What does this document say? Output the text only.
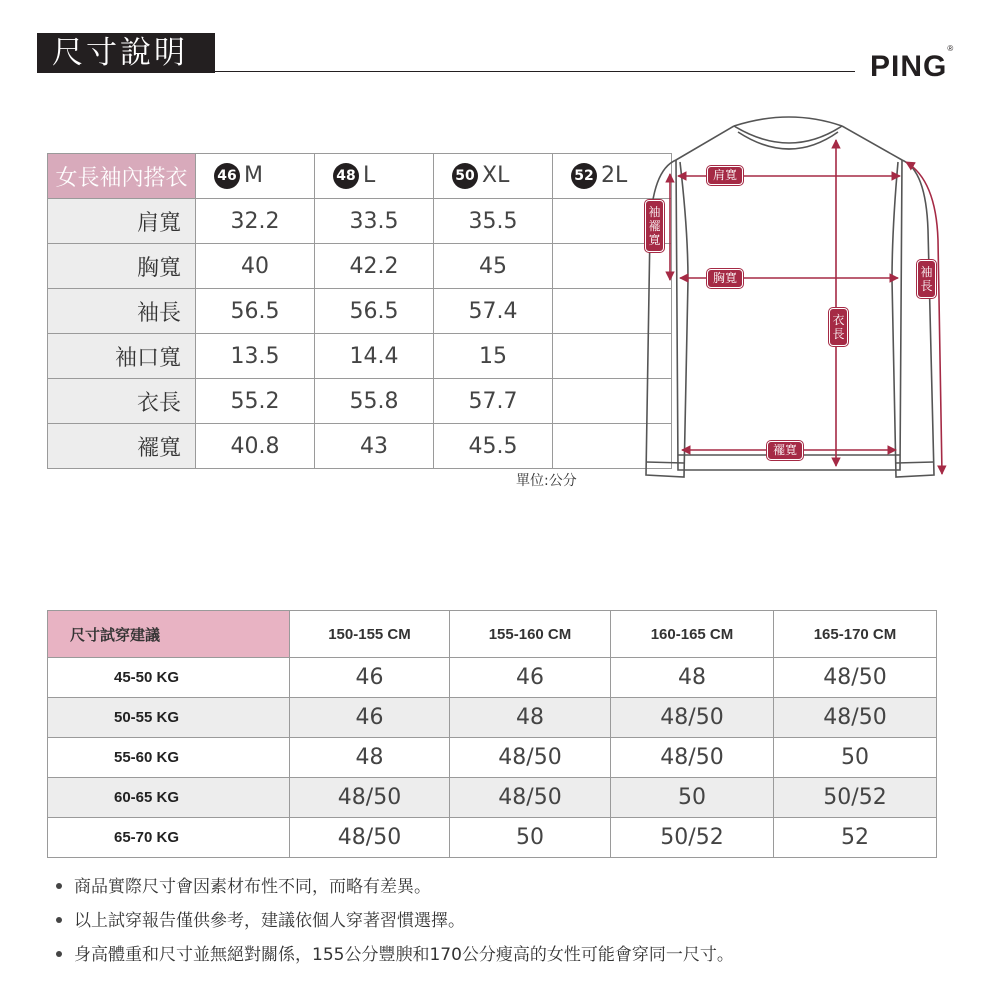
尺寸說明	PING®
女長袖內搭衣	46 M	48 L	50 XL	52 2L
肩寬	32.2	33.5	35.5	
胸寬	40	42.2	45	
袖長	56.5	56.5	57.4	
袖口寬	13.5	14.4	15	
衣長	55.2	55.8	57.7	
襬寬	40.8	43	45.5	
單位:公分
肩寬
胸寬
襬寬
袖襬寬
衣長
袖長
尺寸試穿建議	150-155 CM	155-160 CM	160-165 CM	165-170 CM
45-50 KG	46	46	48	48/50
50-55 KG	46	48	48/50	48/50
55-60 KG	48	48/50	48/50	50
60-65 KG	48/50	48/50	50	50/52
65-70 KG	48/50	50	50/52	52
商品實際尺寸會因素材布性不同，而略有差異。
以上試穿報告僅供參考，建議依個人穿著習慣選擇。
身高體重和尺寸並無絕對關係，155公分豐腴和170公分瘦高的女性可能會穿同一尺寸。
